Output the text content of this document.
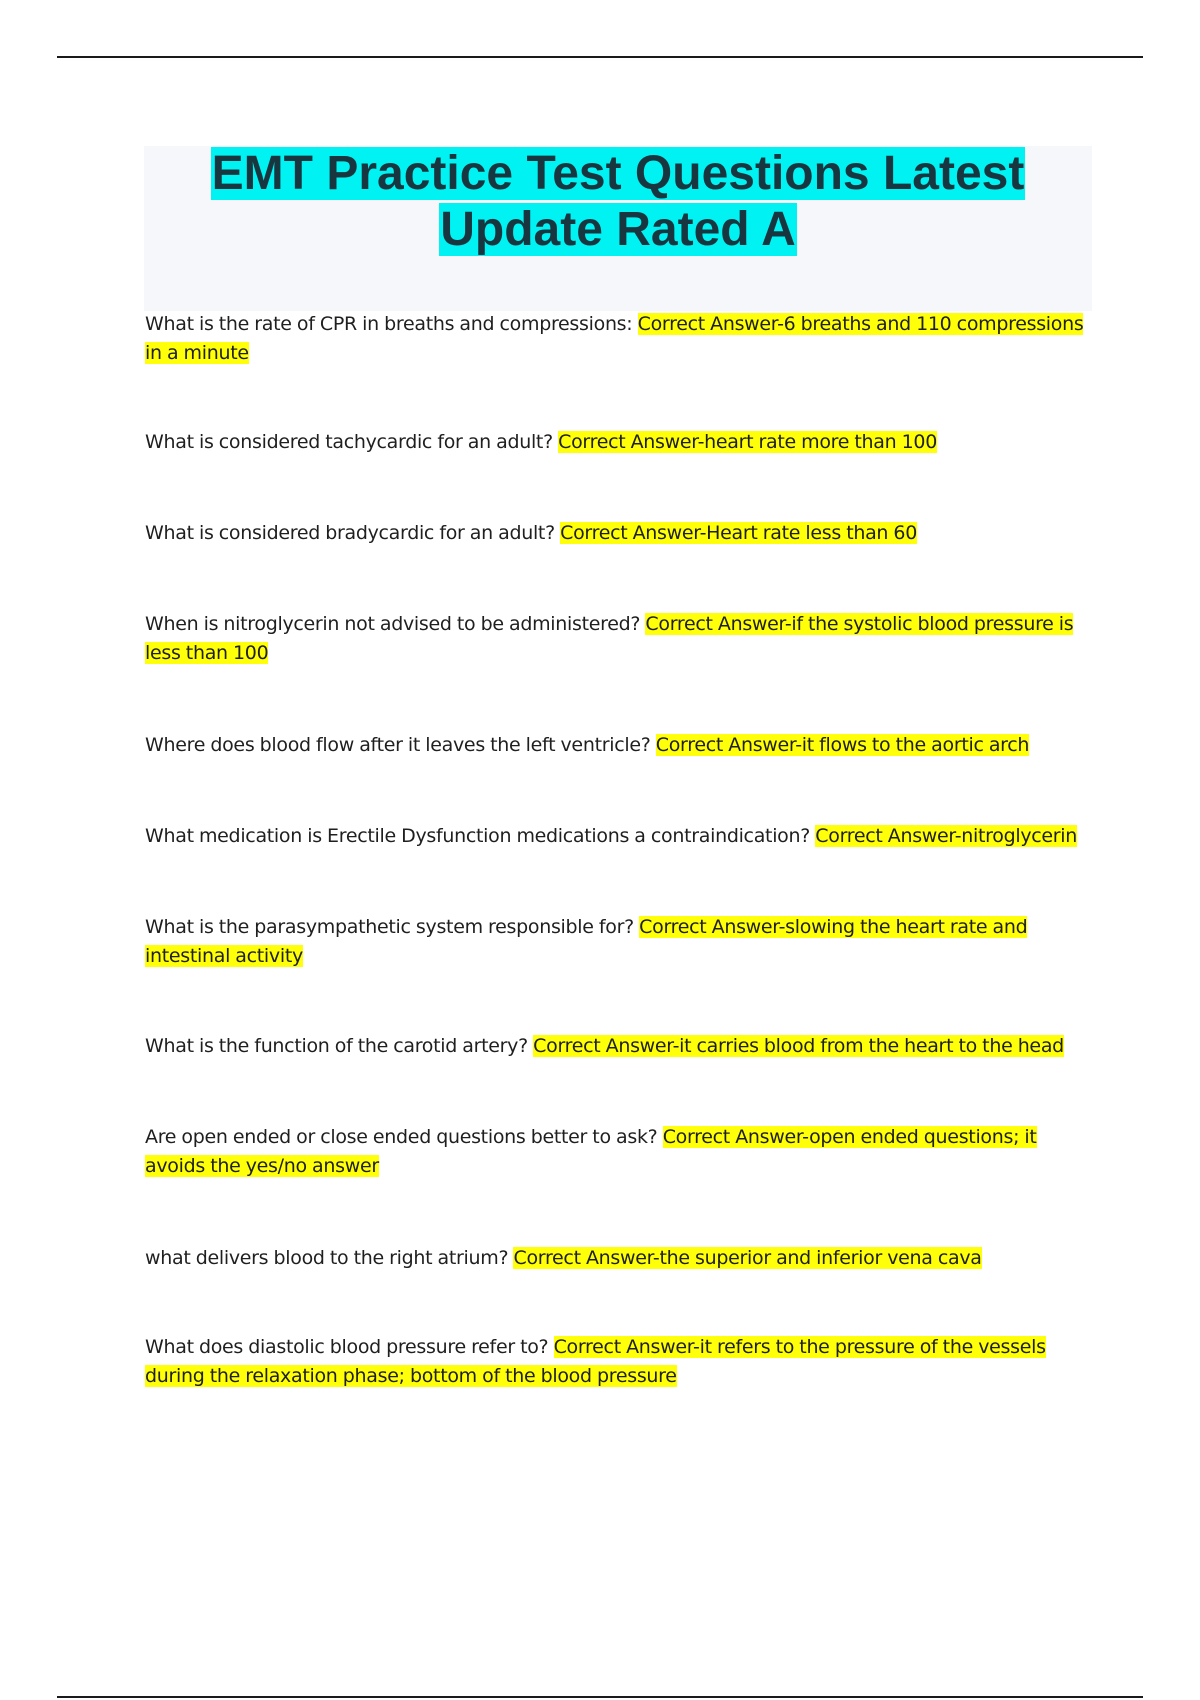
EMT Practice Test Questions Latest Update Rated A

What is the rate of CPR in breaths and compressions: Correct Answer-6 breaths and 110 compressions in a minute

What is considered tachycardic for an adult? Correct Answer-heart rate more than 100

What is considered bradycardic for an adult? Correct Answer-Heart rate less than 60

When is nitroglycerin not advised to be administered? Correct Answer-if the systolic blood pressure is less than 100

Where does blood flow after it leaves the left ventricle? Correct Answer-it flows to the aortic arch

What medication is Erectile Dysfunction medications a contraindication? Correct Answer-nitroglycerin

What is the parasympathetic system responsible for? Correct Answer-slowing the heart rate and intestinal activity

What is the function of the carotid artery? Correct Answer-it carries blood from the heart to the head

Are open ended or close ended questions better to ask? Correct Answer-open ended questions; it avoids the yes/no answer

what delivers blood to the right atrium? Correct Answer-the superior and inferior vena cava

What does diastolic blood pressure refer to? Correct Answer-it refers to the pressure of the vessels during the relaxation phase; bottom of the blood pressure
